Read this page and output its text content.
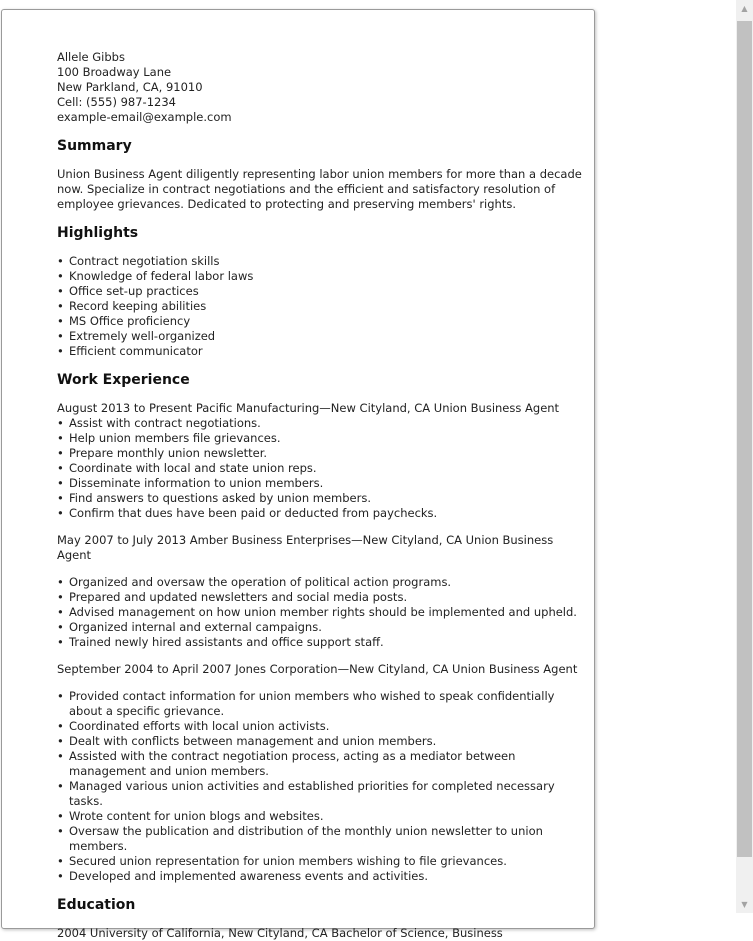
Allele Gibbs
100 Broadway Lane
New Parkland, CA, 91010
Cell: (555) 987-1234
example-email@example.com
Summary

Union Business Agent diligently representing labor union members for more than a decade now. Specialize in contract negotiations and the efficient and satisfactory resolution of employee grievances. Dedicated to protecting and preserving members' rights.

Highlights
• Contract negotiation skills
• Knowledge of federal labor laws
• Office set-up practices
• Record keeping abilities
• MS Office proficiency
• Extremely well-organized
• Efficient communicator
Work Experience
August 2013 to Present Pacific Manufacturing—New Cityland, CA Union Business Agent
• Assist with contract negotiations.
• Help union members file grievances.
• Prepare monthly union newsletter.
• Coordinate with local and state union reps.
• Disseminate information to union members.
• Find answers to questions asked by union members.
• Confirm that dues have been paid or deducted from paychecks.
May 2007 to July 2013 Amber Business Enterprises—New Cityland, CA Union Business Agent
• Organized and oversaw the operation of political action programs.
• Prepared and updated newsletters and social media posts.
• Advised management on how union member rights should be implemented and upheld.
• Organized internal and external campaigns.
• Trained newly hired assistants and office support staff.
September 2004 to April 2007 Jones Corporation—New Cityland, CA Union Business Agent
• Provided contact information for union members who wished to speak confidentially about a specific grievance.
• Coordinated efforts with local union activists.
• Dealt with conflicts between management and union members.
• Assisted with the contract negotiation process, acting as a mediator between management and union members.
• Managed various union activities and established priorities for completed necessary tasks.
• Wrote content for union blogs and websites.
• Oversaw the publication and distribution of the monthly union newsletter to union members.
• Secured union representation for union members wishing to file grievances.
• Developed and implemented awareness events and activities.
Education

2004 University of California, New Cityland, CA Bachelor of Science, Business

▲
▼
